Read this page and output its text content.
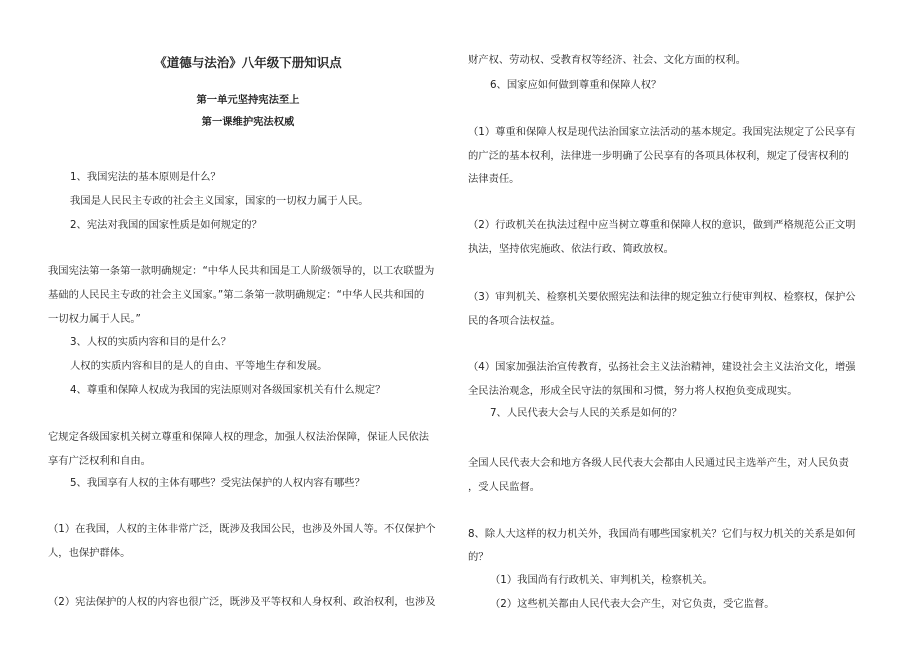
《道德与法治》八年级下册知识点
第一单元坚持宪法至上
第一课维护宪法权威
1、我国宪法的基本原则是什么？
我国是人民民主专政的社会主义国家，国家的一切权力属于人民。
2、宪法对我国的国家性质是如何规定的？
我国宪法第一条第一款明确规定：“中华人民共和国是工人阶级领导的，以工农联盟为
基础的人民民主专政的社会主义国家。”第二条第一款明确规定：“中华人民共和国的
一切权力属于人民。”
3、人权的实质内容和目的是什么？
人权的实质内容和目的是人的自由、平等地生存和发展。
4、尊重和保障人权成为我国的宪法原则对各级国家机关有什么规定？
它规定各级国家机关树立尊重和保障人权的理念，加强人权法治保障，保证人民依法
享有广泛权利和自由。
5、我国享有人权的主体有哪些？受宪法保护的人权内容有哪些？
（1）在我国，人权的主体非常广泛，既涉及我国公民，也涉及外国人等。不仅保护个
人，也保护群体。
（2）宪法保护的人权的内容也很广泛，既涉及平等权和人身权利、政治权利，也涉及
财产权、劳动权、受教育权等经济、社会、文化方面的权利。
6、国家应如何做到尊重和保障人权？
（1）尊重和保障人权是现代法治国家立法活动的基本规定。我国宪法规定了公民享有
的广泛的基本权利，法律进一步明确了公民享有的各项具体权利，规定了侵害权利的
法律责任。
（2）行政机关在执法过程中应当树立尊重和保障人权的意识，做到严格规范公正文明
执法，坚持依宪施政、依法行政、简政放权。
（3）审判机关、检察机关要依照宪法和法律的规定独立行使审判权、检察权，保护公
民的各项合法权益。
（4）国家加强法治宣传教育，弘扬社会主义法治精神，建设社会主义法治文化，增强
全民法治观念，形成全民守法的氛围和习惯，努力将人权抱负变成现实。
7、人民代表大会与人民的关系是如何的？
全国人民代表大会和地方各级人民代表大会都由人民通过民主选举产生，对人民负责
，受人民监督。
8、除人大这样的权力机关外，我国尚有哪些国家机关？它们与权力机关的关系是如何
的？
（1）我国尚有行政机关、审判机关，检察机关。
（2）这些机关都由人民代表大会产生，对它负责，受它监督。
